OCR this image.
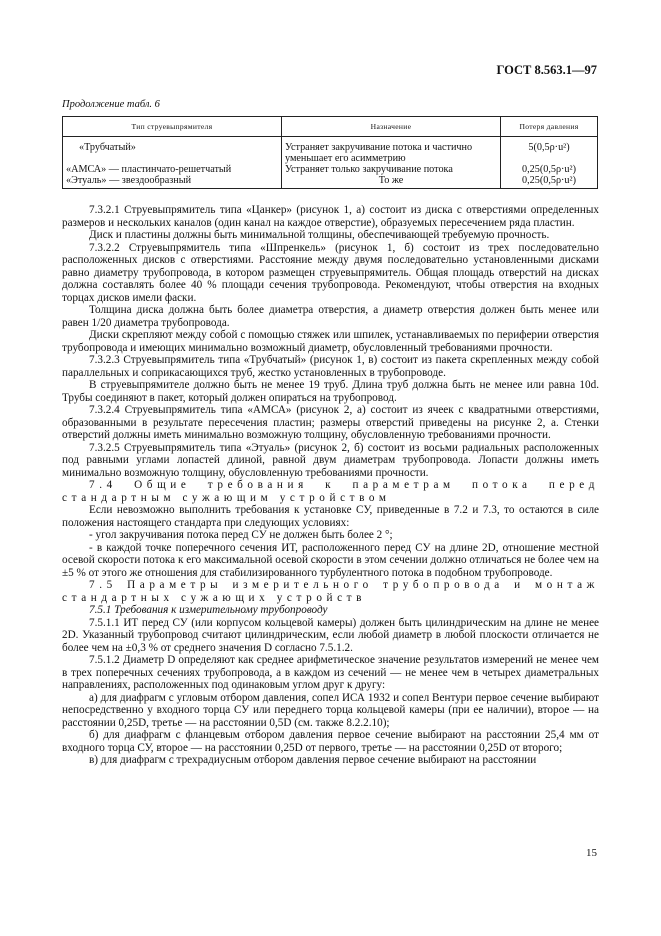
ГОСТ 8.563.1—97
Продолжение табл. 6
Тип струевыпрямителя	Назначение	Потеря давления
«Трубчатый»	Устраняет закручивание потока и частично уменьшает его асимметрию	5(0,5ρ·u²)
«АМСА» — пластинчато-решетчатый	Устраняет только закручивание потока	0,25(0,5ρ·u²)
«Этуаль» — звездообразный	То же	0,25(0,5ρ·u²)

7.3.2.1 Струевыпрямитель типа «Цанкер» (рисунок 1, а) состоит из диска с отверстиями определенных размеров и нескольких каналов (один канал на каждое отверстие), образуемых пересечением ряда пластин.

Диск и пластины должны быть минимальной толщины, обеспечивающей требуемую прочность.

7.3.2.2 Струевыпрямитель типа «Шпренкель» (рисунок 1, б) состоит из трех последовательно расположенных дисков с отверстиями. Расстояние между двумя последовательно установленными дисками равно диаметру трубопровода, в котором размещен струевыпрямитель. Общая площадь отверстий на дисках должна составлять более 40 % площади сечения трубопровода. Рекомендуют, чтобы отверстия на входных торцах дисков имели фаски.

Толщина диска должна быть более диаметра отверстия, а диаметр отверстия должен быть менее или равен 1/20 диаметра трубопровода.

Диски скрепляют между собой с помощью стяжек или шпилек, устанавливаемых по периферии отверстия трубопровода и имеющих минимально возможный диаметр, обусловленный требованиями прочности.

7.3.2.3 Струевыпрямитель типа «Трубчатый» (рисунок 1, в) состоит из пакета скрепленных между собой параллельных и соприкасающихся труб, жестко установленных в трубопроводе.

В струевыпрямителе должно быть не менее 19 труб. Длина труб должна быть не менее или равна 10d. Трубы соединяют в пакет, который должен опираться на трубопровод.

7.3.2.4 Струевыпрямитель типа «АМСА» (рисунок 2, а) состоит из ячеек с квадратными отверстиями, образованными в результате пересечения пластин; размеры отверстий приведены на рисунке 2, а. Стенки отверстий должны иметь минимально возможную толщину, обусловленную требованиями прочности.

7.3.2.5 Струевыпрямитель типа «Этуаль» (рисунок 2, б) состоит из восьми радиальных расположенных под равными углами лопастей длиной, равной двум диаметрам трубопровода. Лопасти должны иметь минимально возможную толщину, обусловленную требованиями прочности.

7.4 Общие требования к параметрам потока перед стандартным сужающим устройством

Если невозможно выполнить требования к установке СУ, приведенные в 7.2 и 7.3, то остаются в силе положения настоящего стандарта при следующих условиях:

- угол закручивания потока перед СУ не должен быть более 2 °;

- в каждой точке поперечного сечения ИТ, расположенного перед СУ на длине 2D, отношение местной осевой скорости потока к его максимальной осевой скорости в этом сечении должно отличаться не более чем на ±5 % от этого же отношения для стабилизированного турбулентного потока в подобном трубопроводе.

7.5 Параметры измерительного трубопровода и монтаж стандартных сужающих устройств

7.5.1 Требования к измерительному трубопроводу

7.5.1.1 ИТ перед СУ (или корпусом кольцевой камеры) должен быть цилиндрическим на длине не менее 2D. Указанный трубопровод считают цилиндрическим, если любой диаметр в любой плоскости отличается не более чем на ±0,3 % от среднего значения D согласно 7.5.1.2.

7.5.1.2 Диаметр D определяют как среднее арифметическое значение результатов измерений не менее чем в трех поперечных сечениях трубопровода, а в каждом из сечений — не менее чем в четырех диаметральных направлениях, расположенных под одинаковым углом друг к другу:

а) для диафрагм с угловым отбором давления, сопел ИСА 1932 и сопел Вентури первое сечение выбирают непосредственно у входного торца СУ или переднего торца кольцевой камеры (при ее наличии), второе — на расстоянии 0,25D, третье — на расстоянии 0,5D (см. также 8.2.2.10);

б) для диафрагм с фланцевым отбором давления первое сечение выбирают на расстоянии 25,4 мм от входного торца СУ, второе — на расстоянии 0,25D от первого, третье — на расстоянии 0,25D от второго;

в) для диафрагм с трехрадиусным отбором давления первое сечение выбирают на расстоянии

15
